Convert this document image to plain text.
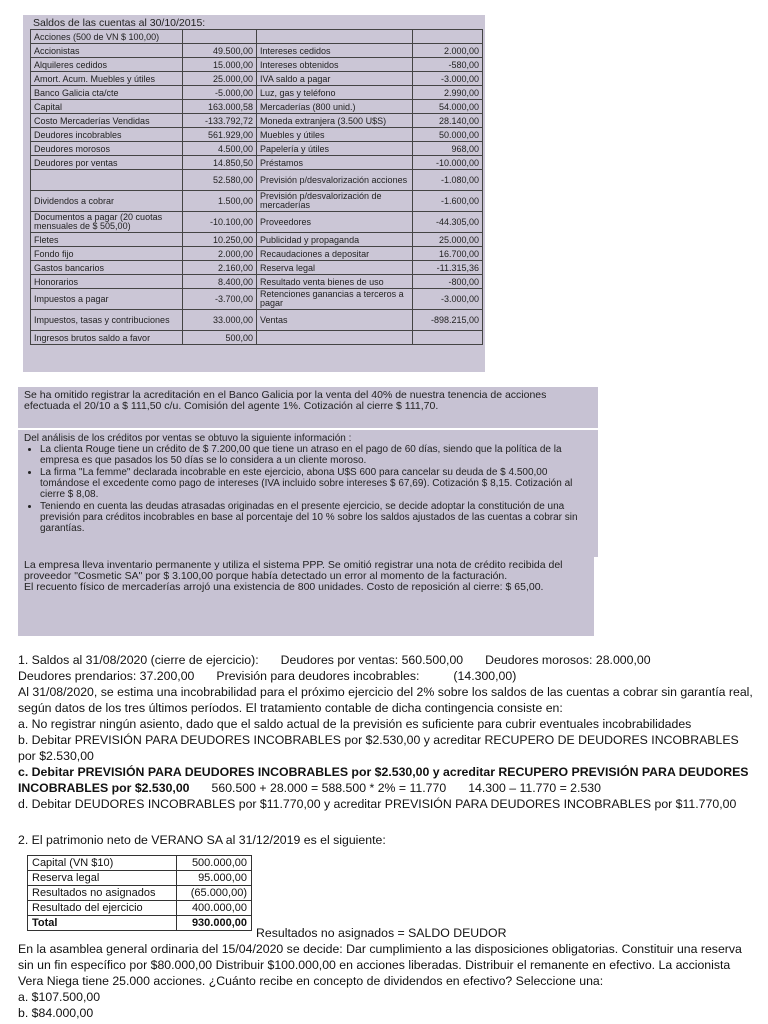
Saldos de las cuentas al 30/10/2015:
Acciones (500 de VN $ 100,00)			
Accionistas	49.500,00	Intereses cedidos	2.000,00
Alquileres cedidos	15.000,00	Intereses obtenidos	-580,00
Amort. Acum. Muebles y útiles	25.000,00	IVA saldo a pagar	-3.000,00
Banco Galicia cta/cte	-5.000,00	Luz, gas y teléfono	2.990,00
Capital	163.000,58	Mercaderías (800 unid.)	54.000,00
Costo Mercaderías Vendidas	-133.792,72	Moneda extranjera (3.500 U$S)	28.140,00
Deudores incobrables	561.929,00	Muebles y útiles	50.000,00
Deudores morosos	4.500,00	Papelería y útiles	968,00
Deudores por ventas	14.850,50	Préstamos	-10.000,00
	52.580,00	Previsión p/desvalorización acciones	-1.080,00
Dividendos a cobrar	1.500,00	Previsión p/desvalorización de mercaderías	-1.600,00
Documentos a pagar (20 cuotas mensuales de $ 505,00)	-10.100,00	Proveedores	-44.305,00
Fletes	10.250,00	Publicidad y propaganda	25.000,00
Fondo fijo	2.000,00	Recaudaciones a depositar	16.700,00
Gastos bancarios	2.160,00	Reserva legal	-11.315,36
Honorarios	8.400,00	Resultado venta bienes de uso	-800,00
Impuestos a pagar	-3.700,00	Retenciones ganancias a terceros a pagar	-3.000,00
Impuestos, tasas y contribuciones	33.000,00	Ventas	-898.215,00
Ingresos brutos saldo a favor	500,00		
Se ha omitido registrar la acreditación en el Banco Galicia por la venta del 40% de nuestra tenencia de acciones efectuada el 20/10 a $ 111,50 c/u. Comisión del agente 1%. Cotización al cierre $ 111,70.
Del análisis de los créditos por ventas se obtuvo la siguiente información :
• La clienta Rouge tiene un crédito de $ 7.200,00 que tiene un atraso en el pago de 60 días, siendo que la política de la empresa es que pasados los 50 días se lo considera a un cliente moroso.
• La firma "La femme" declarada incobrable en este ejercicio, abona U$S 600 para cancelar su deuda de $ 4.500,00 tomándose el excedente como pago de intereses (IVA incluido sobre intereses $ 67,69). Cotización $ 8,15. Cotización al cierre $ 8,08.
• Teniendo en cuenta las deudas atrasadas originadas en el presente ejercicio, se decide adoptar la constitución de una previsión para créditos incobrables en base al porcentaje del 10 % sobre los saldos ajustados de las cuentas a cobrar sin garantías.
La empresa lleva inventario permanente y utiliza el sistema PPP. Se omitió registrar una nota de crédito recibida del proveedor "Cosmetic SA" por $ 3.100,00 porque había detectado un error al momento de la facturación.
El recuento físico de mercaderías arrojó una existencia de 800 unidades. Costo de reposición al cierre: $ 65,00.

1. Saldos al 31/08/2020 (cierre de ejercicio): Deudores por ventas: 560.500,00 Deudores morosos: 28.000,00

Deudores prendarios: 37.200,00 Previsión para deudores incobrables:	(14.300,00)

Al 31/08/2020, se estima una incobrabilidad para el próximo ejercicio del 2% sobre los saldos de las cuentas a cobrar sin garantía real, según datos de los tres últimos períodos. El tratamiento contable de dicha contingencia consiste en:

a. No registrar ningún asiento, dado que el saldo actual de la previsión es suficiente para cubrir eventuales incobrabilidades

b. Debitar PREVISIÓN PARA DEUDORES INCOBRABLES por $2.530,00 y acreditar RECUPERO DE DEUDORES INCOBRABLES por $2.530,00

c. Debitar PREVISIÓN PARA DEUDORES INCOBRABLES por $2.530,00 y acreditar RECUPERO PREVISIÓN PARA DEUDORES INCOBRABLES por $2.530,00 560.500 + 28.000 = 588.500 * 2% = 11.770 14.300 – 11.770 = 2.530

d. Debitar DEUDORES INCOBRABLES por $11.770,00 y acreditar PREVISIÓN PARA DEUDORES INCOBRABLES por $11.770,00

2. El patrimonio neto de VERANO SA al 31/12/2019 es el siguiente:

Capital (VN $10)	500.000,00
Reserva legal	95.000,00
Resultados no asignados	(65.000,00)
Resultado del ejercicio	400.000,00
Total	930.000,00
Resultados no asignados = SALDO DEUDOR

En la asamblea general ordinaria del 15/04/2020 se decide: Dar cumplimiento a las disposiciones obligatorias. Constituir una reserva sin un fin específico por $80.000,00 Distribuir $100.000,00 en acciones liberadas. Distribuir el remanente en efectivo. La accionista Vera Niega tiene 25.000 acciones. ¿Cuánto recibe en concepto de dividendos en efectivo? Seleccione una:

a. $107.500,00

b. $84.000,00
